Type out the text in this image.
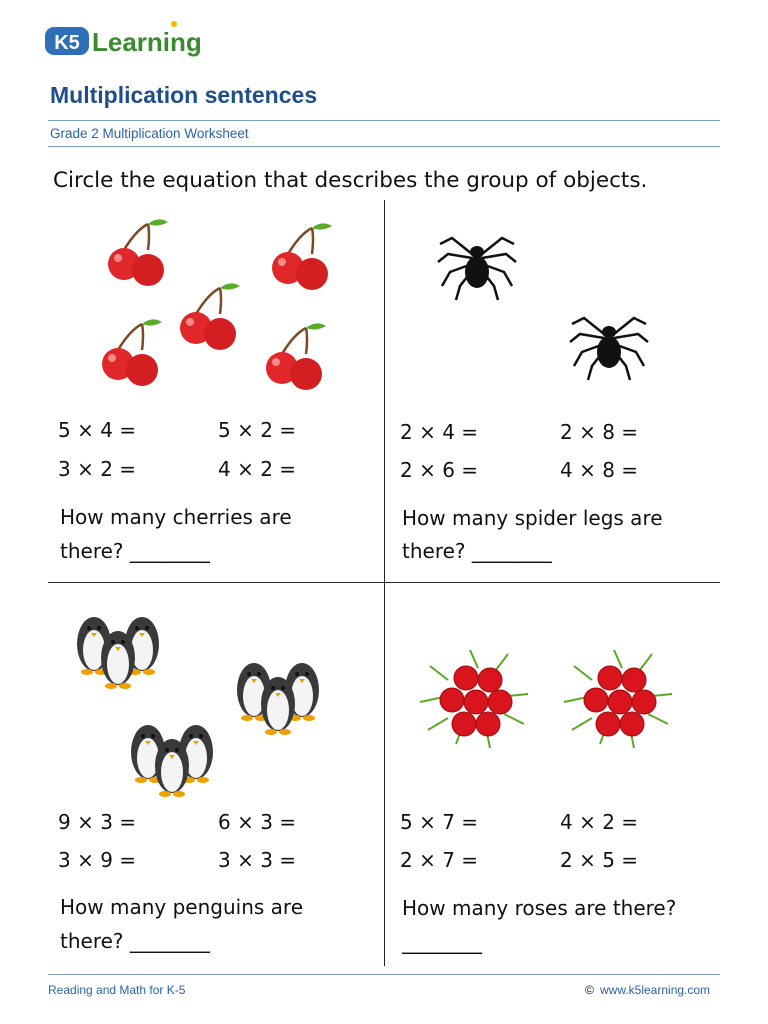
K5 Learning
Multiplication sentences
Grade 2 Multiplication Worksheet
Circle the equation that describes the group of objects.
5 × 4 =	5 × 2 =
3 × 2 =	4 × 2 =
How many cherries are
there? ________
2 × 4 =	2 × 8 =
2 × 6 =	4 × 8 =
How many spider legs are
there? ________
9 × 3 =	6 × 3 =
3 × 9 =	3 × 3 =
How many penguins are
there? ________
5 × 7 =	4 × 2 =
2 × 7 =	2 × 5 =
How many roses are there?
________
Reading and Math for K-5	© www.k5learning.com
